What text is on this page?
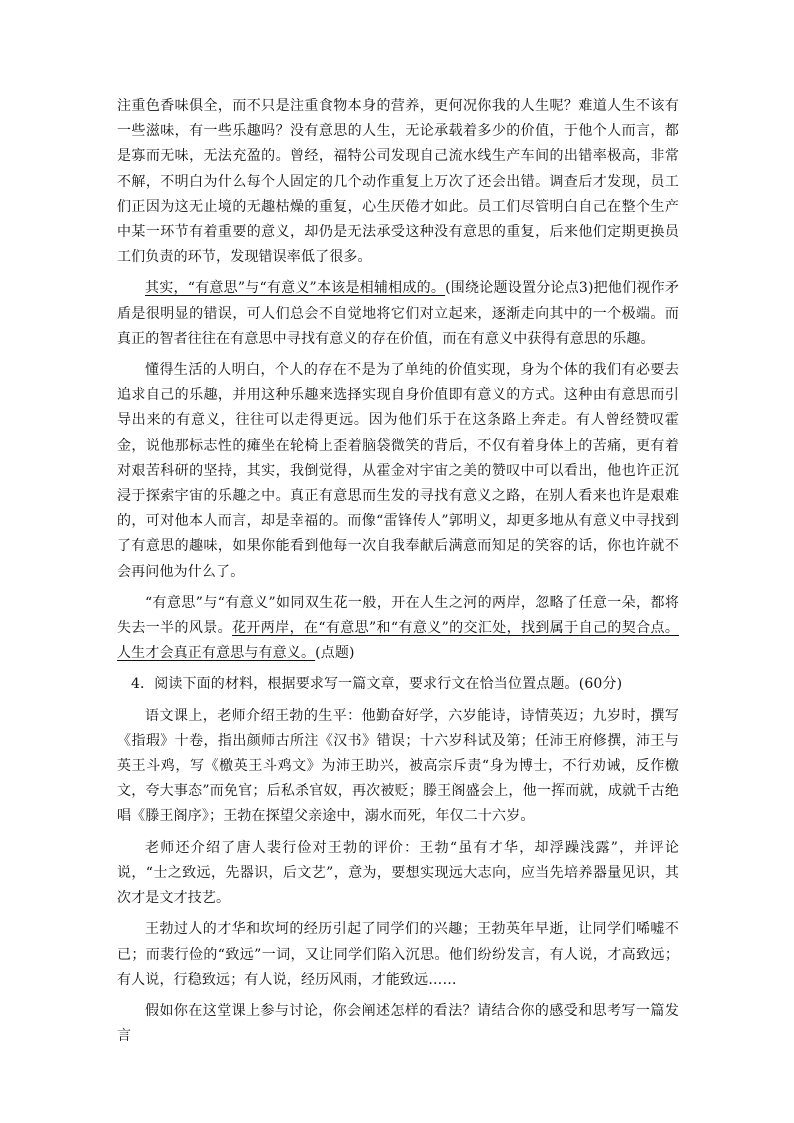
注重色香味俱全，而不只是注重食物本身的营养，更何况你我的人生呢？难道人生不该有一些滋味，有一些乐趣吗？没有意思的人生，无论承载着多少的价值，于他个人而言，都是寡而无味，无法充盈的。曾经，福特公司发现自己流水线生产车间的出错率极高，非常不解，不明白为什么每个人固定的几个动作重复上万次了还会出错。调查后才发现，员工们正因为这无止境的无趣枯燥的重复，心生厌倦才如此。员工们尽管明白自己在整个生产中某一环节有着重要的意义，却仍是无法承受这种没有意思的重复，后来他们定期更换员工们负责的环节，发现错误率低了很多。

其实，“有意思”与“有意义”本该是相辅相成的。(围绕论题设置分论点3)把他们视作矛盾是很明显的错误，可人们总会不自觉地将它们对立起来，逐渐走向其中的一个极端。而真正的智者往往在有意思中寻找有意义的存在价值，而在有意义中获得有意思的乐趣。

懂得生活的人明白，个人的存在不是为了单纯的价值实现，身为个体的我们有必要去追求自己的乐趣，并用这种乐趣来选择实现自身价值即有意义的方式。这种由有意思而引导出来的有意义，往往可以走得更远。因为他们乐于在这条路上奔走。有人曾经赞叹霍金，说他那标志性的瘫坐在轮椅上歪着脑袋微笑的背后，不仅有着身体上的苦痛，更有着对艰苦科研的坚持，其实，我倒觉得，从霍金对宇宙之美的赞叹中可以看出，他也许正沉浸于探索宇宙的乐趣之中。真正有意思而生发的寻找有意义之路，在别人看来也许是艰难的，可对他本人而言，却是幸福的。而像“雷锋传人”郭明义，却更多地从有意义中寻找到了有意思的趣味，如果你能看到他每一次自我奉献后满意而知足的笑容的话，你也许就不会再问他为什么了。

“有意思”与“有意义”如同双生花一般，开在人生之河的两岸，忽略了任意一朵，都将失去一半的风景。花开两岸，在“有意思”和“有意义”的交汇处，找到属于自己的契合点。人生才会真正有意思与有意义。(点题)

4．阅读下面的材料，根据要求写一篇文章，要求行文在恰当位置点题。(60分)

语文课上，老师介绍王勃的生平：他勤奋好学，六岁能诗，诗情英迈；九岁时，撰写《指瑕》十卷，指出颜师古所注《汉书》错误；十六岁科试及第；任沛王府修撰，沛王与英王斗鸡，写《檄英王斗鸡文》为沛王助兴，被高宗斥责“身为博士，不行劝诫，反作檄文，夸大事态”而免官；后私杀官奴，再次被贬；滕王阁盛会上，他一挥而就，成就千古绝唱《滕王阁序》；王勃在探望父亲途中，溺水而死，年仅二十六岁。

老师还介绍了唐人裴行俭对王勃的评价：王勃“虽有才华，却浮躁浅露”，并评论说，“士之致远，先器识，后文艺”，意为，要想实现远大志向，应当先培养器量见识，其次才是文才技艺。

王勃过人的才华和坎坷的经历引起了同学们的兴趣；王勃英年早逝，让同学们唏嘘不已；而裴行俭的“致远”一词，又让同学们陷入沉思。他们纷纷发言，有人说，才高致远；有人说，行稳致远；有人说，经历风雨，才能致远……

假如你在这堂课上参与讨论，你会阐述怎样的看法？请结合你的感受和思考写一篇发言
